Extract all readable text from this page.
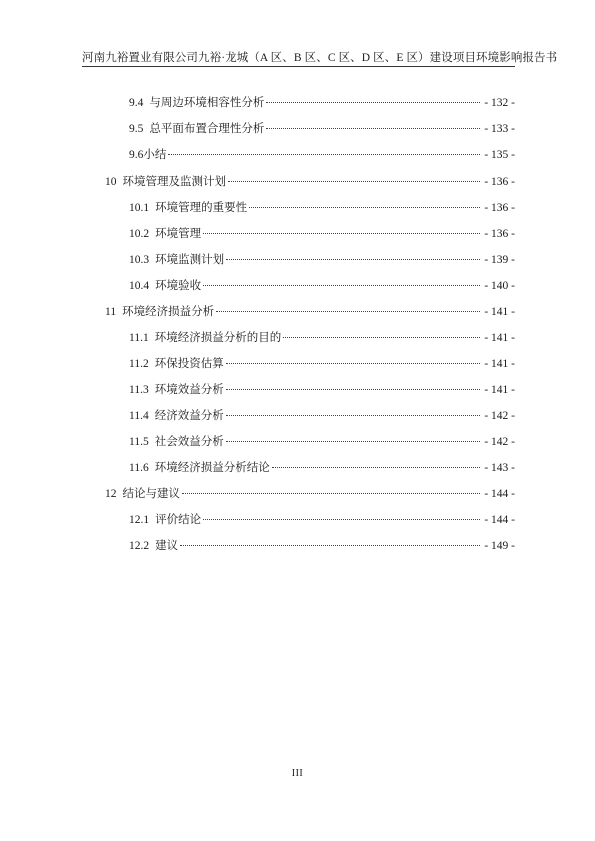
河南九裕置业有限公司九裕·龙城（A 区、B 区、C 区、D 区、E 区）建设项目环境影响报告书
9.4 与周边环境相容性分析	- 132 -
9.5 总平面布置合理性分析	- 133 -
9.6 小结	- 135 -
10 环境管理及监测计划	- 136 -
10.1 环境管理的重要性	- 136 -
10.2 环境管理	- 136 -
10.3 环境监测计划	- 139 -
10.4 环境验收	- 140 -
11 环境经济损益分析	- 141 -
11.1 环境经济损益分析的目的	- 141 -
11.2 环保投资估算	- 141 -
11.3 环境效益分析	- 141 -
11.4 经济效益分析	- 142 -
11.5 社会效益分析	- 142 -
11.6 环境经济损益分析结论	- 143 -
12 结论与建议	- 144 -
12.1 评价结论	- 144 -
12.2 建议	- 149 -
III
